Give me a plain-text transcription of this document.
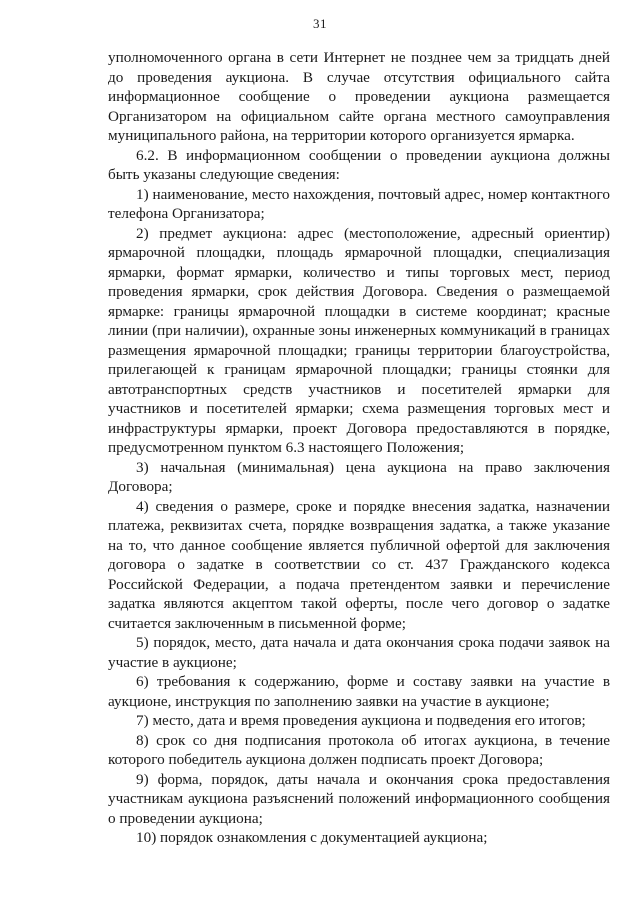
31

уполномоченного органа в сети Интернет не позднее чем за тридцать дней до проведения аукциона. В случае отсутствия официального сайта информационное сообщение о проведении аукциона размещается Организатором на официальном сайте органа местного самоуправления муниципального района, на территории которого организуется ярмарка.

6.2. В информационном сообщении о проведении аукциона должны быть указаны следующие сведения:

1) наименование, место нахождения, почтовый адрес, номер контактного телефона Организатора;

2) предмет аукциона: адрес (местоположение, адресный ориентир) ярмарочной площадки, площадь ярмарочной площадки, специализация ярмарки, формат ярмарки, количество и типы торговых мест, период проведения ярмарки, срок действия Договора. Сведения о размещаемой ярмарке: границы ярмарочной площадки в системе координат; красные линии (при наличии), охранные зоны инженерных коммуникаций в границах размещения ярмарочной площадки; границы территории благоустройства, прилегающей к границам ярмарочной площадки; границы стоянки для автотранспортных средств участников и посетителей ярмарки для участников и посетителей ярмарки; схема размещения торговых мест и инфраструктуры ярмарки, проект Договора предоставляются в порядке, предусмотренном пунктом 6.3 настоящего Положения;

3) начальная (минимальная) цена аукциона на право заключения Договора;

4) сведения о размере, сроке и порядке внесения задатка, назначении платежа, реквизитах счета, порядке возвращения задатка, а также указание на то, что данное сообщение является публичной офертой для заключения договора о задатке в соответствии со ст. 437 Гражданского кодекса Российской Федерации, а подача претендентом заявки и перечисление задатка являются акцептом такой оферты, после чего договор о задатке считается заключенным в письменной форме;

5) порядок, место, дата начала и дата окончания срока подачи заявок на участие в аукционе;

6) требования к содержанию, форме и составу заявки на участие в аукционе, инструкция по заполнению заявки на участие в аукционе;

7) место, дата и время проведения аукциона и подведения его итогов;

8) срок со дня подписания протокола об итогах аукциона, в течение которого победитель аукциона должен подписать проект Договора;

9) форма, порядок, даты начала и окончания срока предоставления участникам аукциона разъяснений положений информационного сообщения о проведении аукциона;

10) порядок ознакомления с документацией аукциона;
